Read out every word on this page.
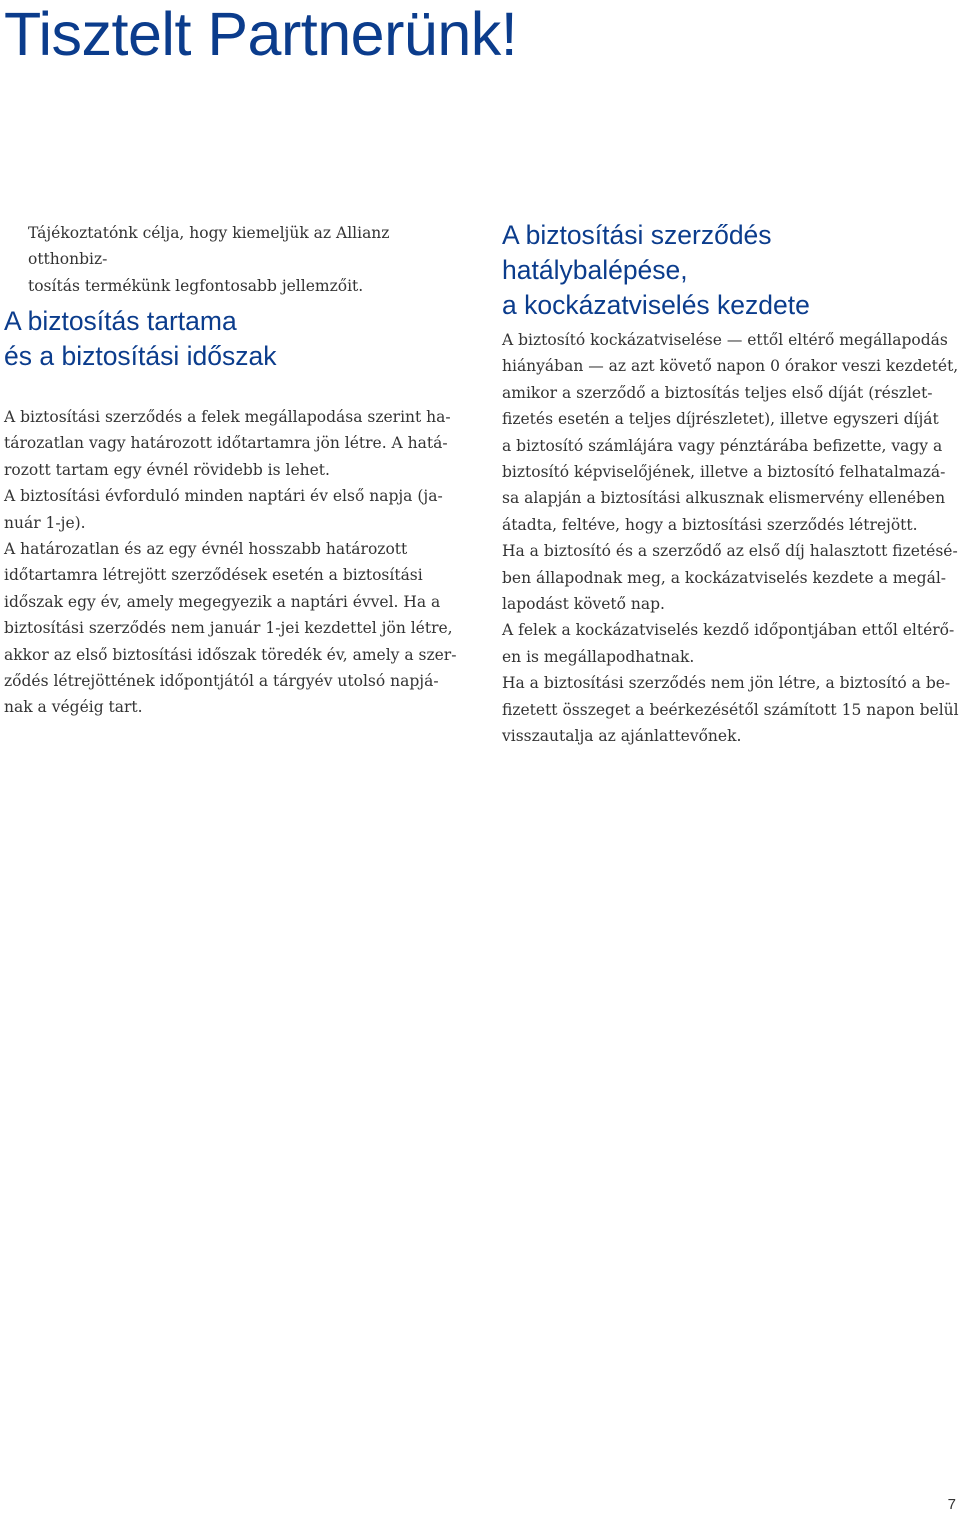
Tisztelt Partnerünk!

Tájékoztatónk célja, hogy kiemeljük az Allianz otthonbiz-
tosítás termékünk legfontosabb jellemzőit.

A biztosítás tartama
és a biztosítási időszak

A biztosítási szerződés a felek megállapodása szerint ha-
tározatlan vagy határozott időtartamra jön létre. A hatá-
rozott tartam egy évnél rövidebb is lehet.
A biztosítási évforduló minden naptári év első napja (ja-
nuár 1-je).
A határozatlan és az egy évnél hosszabb határozott
időtartamra létrejött szerződések esetén a biztosítási
időszak egy év, amely megegyezik a naptári évvel. Ha a
biztosítási szerződés nem január 1-jei kezdettel jön létre,
akkor az első biztosítási időszak töredék év, amely a szer-
ződés létrejöttének időpontjától a tárgyév utolsó napjá-
nak a végéig tart.

A biztosítási szerződés hatálybalépése,
a kockázatviselés kezdete

A biztosító kockázatviselése — ettől eltérő megállapodás
hiányában — az azt követő napon 0 órakor veszi kezdetét,
amikor a szerződő a biztosítás teljes első díját (részlet-
fizetés esetén a teljes díjrészletet), illetve egyszeri díját
a biztosító számlájára vagy pénztárába befizette, vagy a
biztosító képviselőjének, illetve a biztosító felhatalmazá-
sa alapján a biztosítási alkusznak elismervény ellenében
átadta, feltéve, hogy a biztosítási szerződés létrejött.
Ha a biztosító és a szerződő az első díj halasztott fizetésé-
ben állapodnak meg, a kockázatviselés kezdete a megál-
lapodást követő nap.
A felek a kockázatviselés kezdő időpontjában ettől eltérő-
en is megállapodhatnak.
Ha a biztosítási szerződés nem jön létre, a biztosító a be-
fizetett összeget a beérkezésétől számított 15 napon belül
visszautalja az ajánlattevőnek.

7
